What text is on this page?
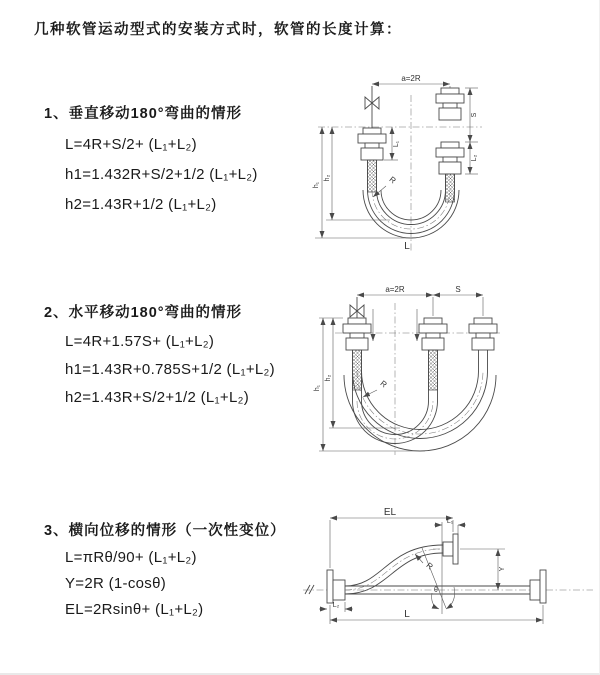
几种软管运动型式的安装方式时，软管的长度计算：
1、垂直移动180°弯曲的情形
L=4R+S/2+ (L₁+L₂)
h1=1.432R+S/2+1/2 (L₁+L₂)
h2=1.43R+1/2 (L₁+L₂)
2、水平移动180°弯曲的情形
L=4R+1.57S+ (L₁+L₂)
h1=1.43R+0.785S+1/2 (L₁+L₂)
h2=1.43R+S/2+1/2 (L₁+L₂)
3、横向位移的情形（一次性变位）
L=πRθ/90+ (L₁+L₂)
Y=2R (1-cosθ)
EL=2Rsinθ+ (L₁+L₂)
a=2R
h₁
h₂
L₁
S
L₂
R
L
a=2R	S
h₁
h₂
R
θ
EL
L₁
Y
L
L₂
R
